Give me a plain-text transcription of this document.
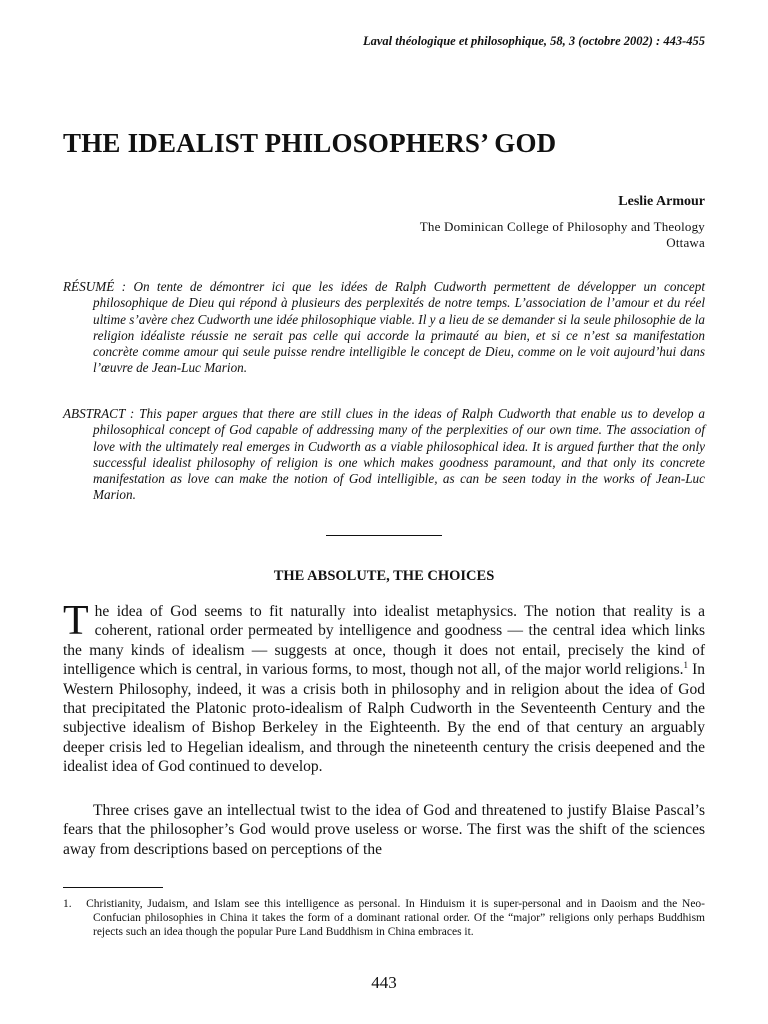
Laval théologique et philosophique, 58, 3 (octobre 2002) : 443-455
THE IDEALIST PHILOSOPHERS’ GOD
Leslie Armour
The Dominican College of Philosophy and Theology
Ottawa
RÉSUMÉ : On tente de démontrer ici que les idées de Ralph Cudworth permettent de développer un concept philosophique de Dieu qui répond à plusieurs des perplexités de notre temps. L’association de l’amour et du réel ultime s’avère chez Cudworth une idée philosophique viable. Il y a lieu de se demander si la seule philosophie de la religion idéaliste réussie ne serait pas celle qui accorde la primauté au bien, et si ce n’est sa manifestation concrète comme amour qui seule puisse rendre intelligible le concept de Dieu, comme on le voit aujourd’hui dans l’œuvre de Jean-Luc Marion.
ABSTRACT : This paper argues that there are still clues in the ideas of Ralph Cudworth that enable us to develop a philosophical concept of God capable of addressing many of the perplexities of our own time. The association of love with the ultimately real emerges in Cudworth as a viable philosophical idea. It is argued further that the only successful idealist philosophy of religion is one which makes goodness paramount, and that only its concrete manifestation as love can make the notion of God intelligible, as can be seen today in the works of Jean-Luc Marion.
THE ABSOLUTE, THE CHOICES
The idea of God seems to fit naturally into idealist metaphysics. The notion that reality is a coherent, rational order permeated by intelligence and goodness — the central idea which links the many kinds of idealism — suggests at once, though it does not entail, precisely the kind of intelligence which is central, in various forms, to most, though not all, of the major world religions.$^1$ In Western Philosophy, indeed, it was a crisis both in philosophy and in religion about the idea of God that precipitated the Platonic proto-idealism of Ralph Cudworth in the Seventeenth Century and the subjective idealism of Bishop Berkeley in the Eighteenth. By the end of that century an arguably deeper crisis led to Hegelian idealism, and through the nineteenth century the crisis deepened and the idealist idea of God continued to develop.
Three crises gave an intellectual twist to the idea of God and threatened to justify Blaise Pascal’s fears that the philosopher’s God would prove useless or worse. The first was the shift of the sciences away from descriptions based on perceptions of the
1. Christianity, Judaism, and Islam see this intelligence as personal. In Hinduism it is super-personal and in Daoism and the Neo-Confucian philosophies in China it takes the form of a dominant rational order. Of the “major” religions only perhaps Buddhism rejects such an idea though the popular Pure Land Buddhism in China embraces it.
443
